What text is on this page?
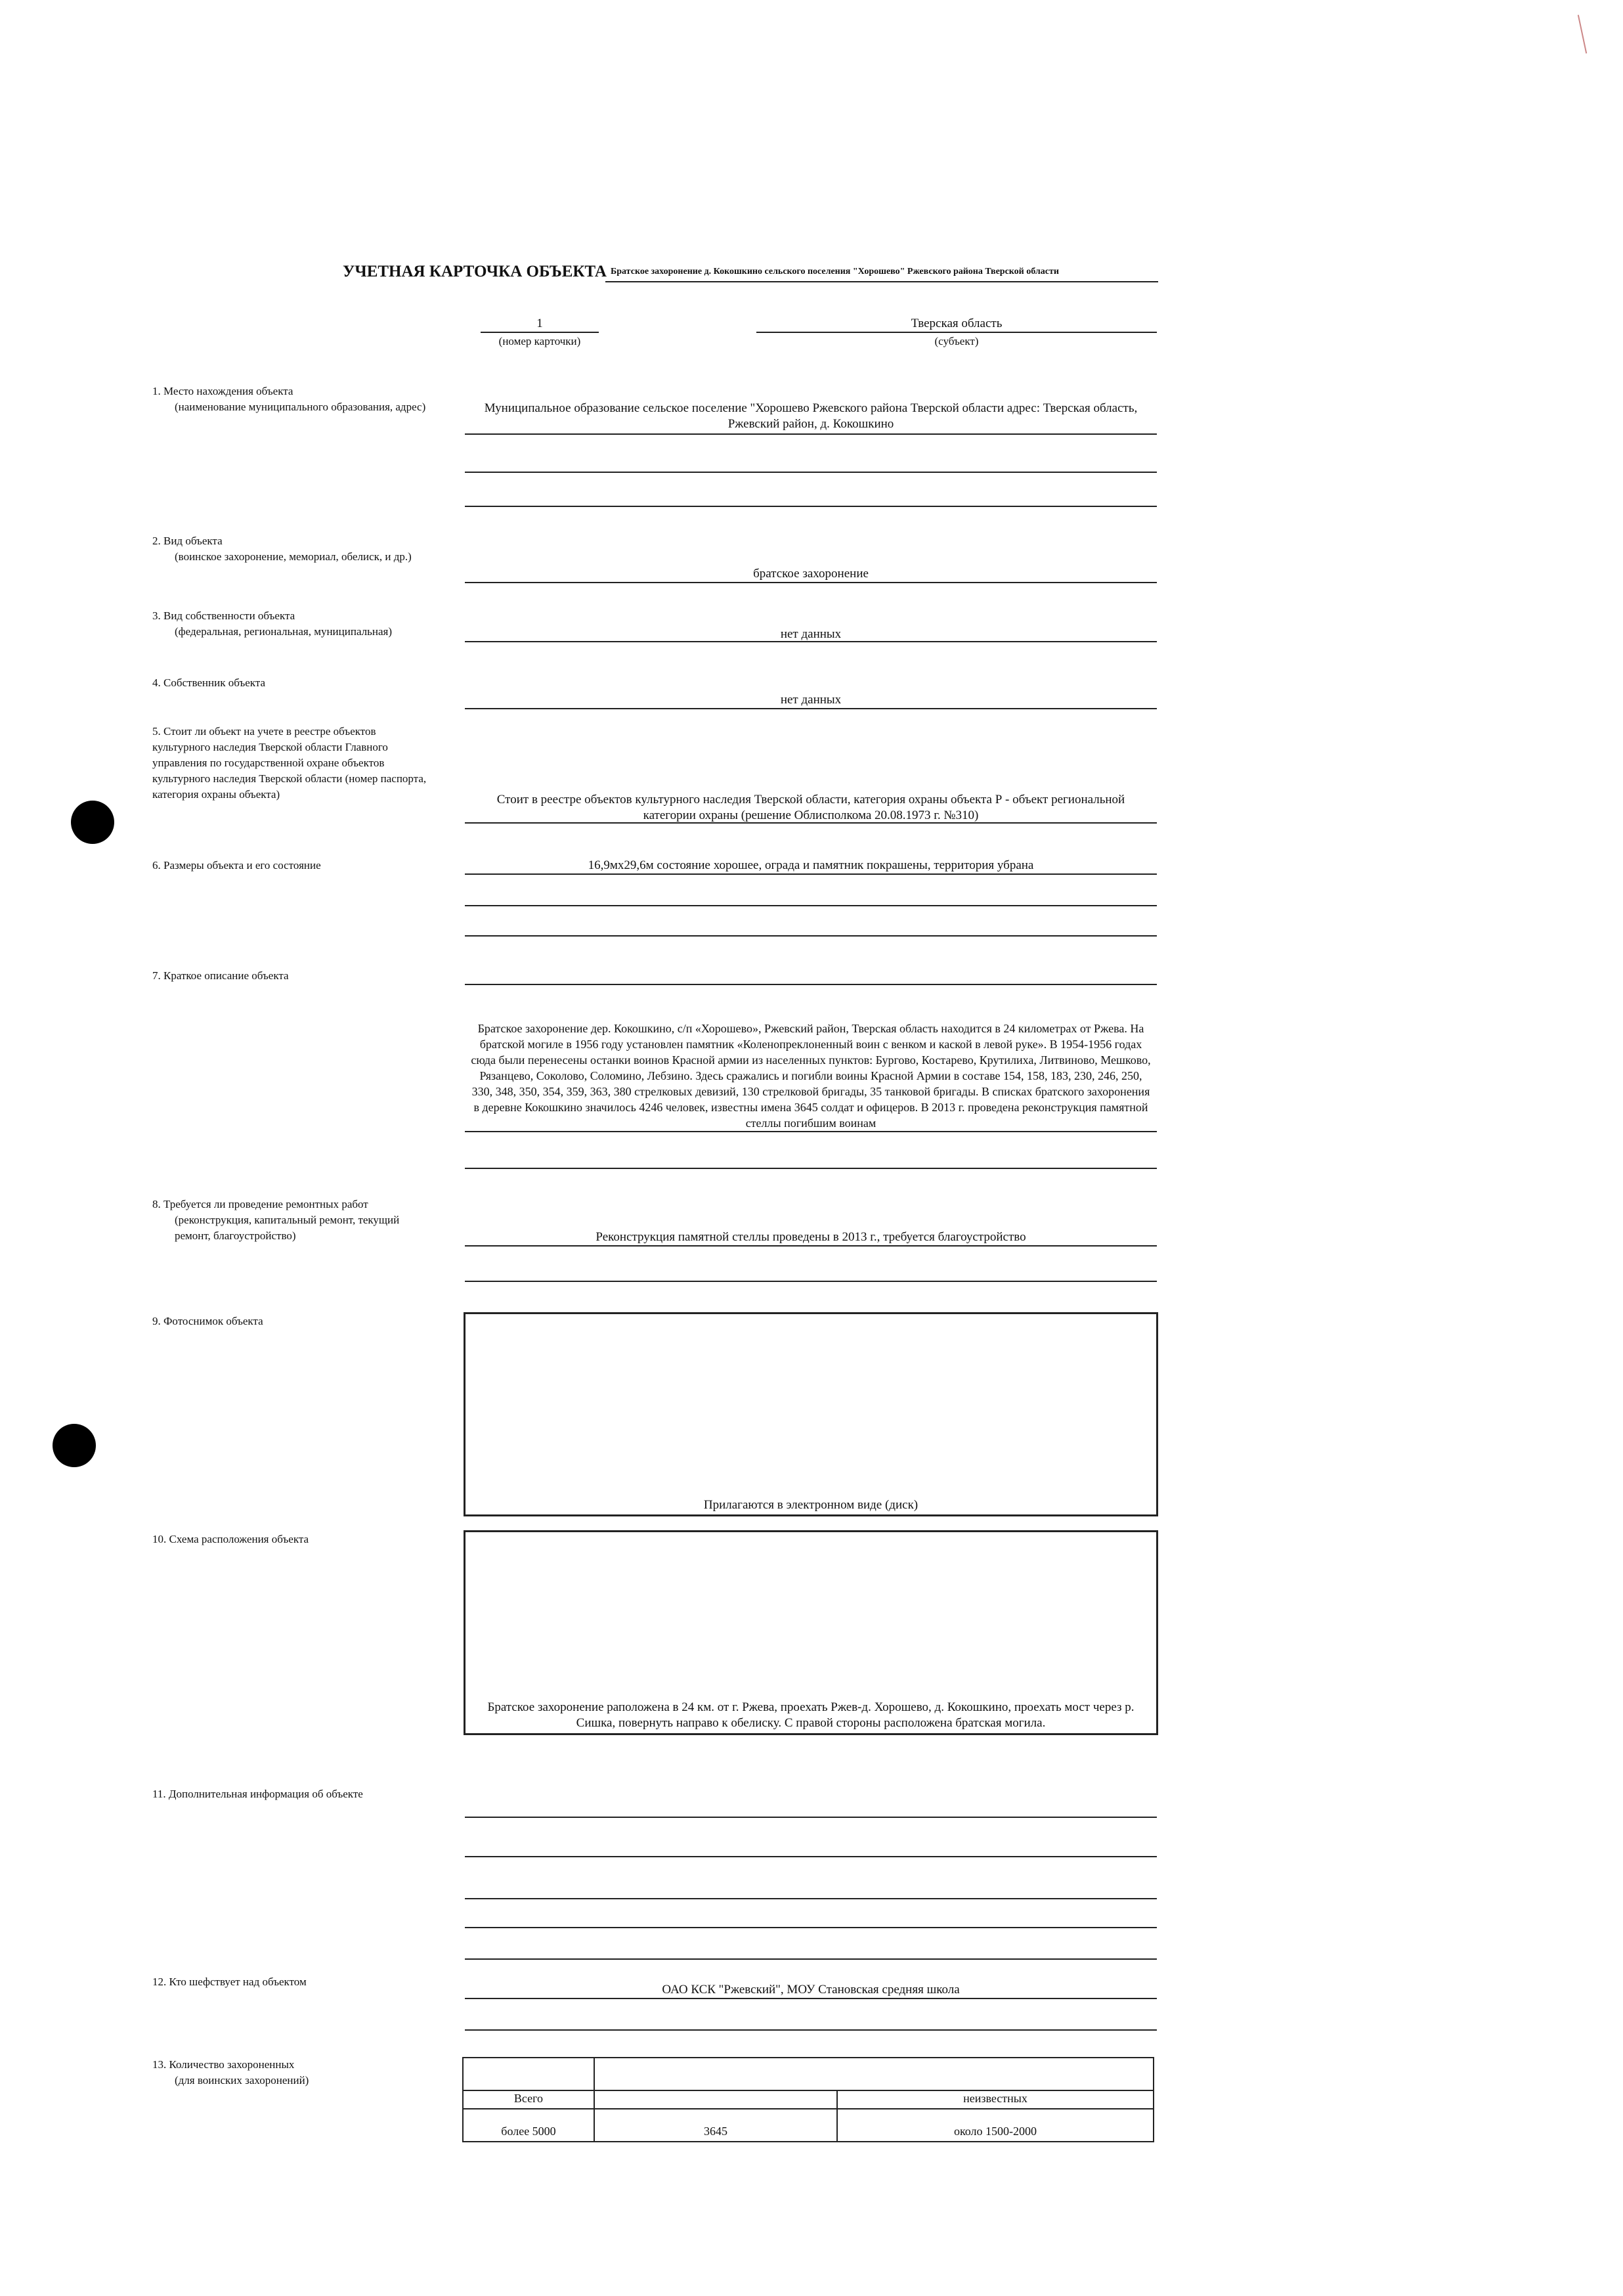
УЧЕТНАЯ КАРТОЧКА ОБЪЕКТА Братское захоронение д. Кокошкино сельского поселения "Хорошево" Ржевского района Тверской области
1
(номер карточки)
Тверская область
(субъект)
1. Место нахождения объекта
(наименование муниципального образования, адрес)	Муниципальное образование сельское поселение "Хорошево Ржевского района Тверской области адрес: Тверская область, Ржевский район, д. Кокошкино
2. Вид объекта
(воинское захоронение, мемориал, обелиск, и др.)
братское захоронение
3. Вид собственности объекта
(федеральная, региональная, муниципальная)	нет данных
4. Собственник объекта
нет данных
5. Стоит ли объект на учете в реестре объектов культурного наследия Тверской области Главного управления по государственной охране объектов культурного наследия Тверской области (номер паспорта, категория охраны объекта)	Стоит в реестре объектов культурного наследия Тверской области, категория охраны объекта Р - объект региональной категории охраны (решение Облисполкома 20.08.1973 г. №310)
6. Размеры объекта и его состояние	16,9мх29,6м состояние хорошее, ограда и памятник покрашены, территория убрана
7. Краткое описание объекта
Братское захоронение дер. Кокошкино, с/п «Хорошево», Ржевский район, Тверская область находится в 24 километрах от Ржева. На братской могиле в 1956 году установлен памятник «Коленопреклоненный воин с венком и каской в левой руке». В 1954-1956 годах сюда были перенесены останки воинов Красной армии из населенных пунктов: Бургово, Костарево, Крутилиха, Литвиново, Мешково, Рязанцево, Соколово, Соломино, Лебзино. Здесь сражались и погибли воины Красной Армии в составе 154, 158, 183, 230, 246, 250, 330, 348, 350, 354, 359, 363, 380 стрелковых девизий, 130 стрелковой бригады, 35 танковой бригады. В списках братского захоронения в деревне Кокошкино значилось 4246 человек, известны имена 3645 солдат и офицеров. В 2013 г. проведена реконструкция памятной стеллы погибшим воинам
8. Требуется ли проведение ремонтных работ
(реконструкция, капитальный ремонт, текущий ремонт, благоустройство)	Реконструкция памятной стеллы проведены в 2013 г., требуется благоустройство
9. Фотоснимок объекта
Прилагаются в электронном виде (диск)
10. Схема расположения объекта
Братское захоронение раположена в 24 км. от г. Ржева, проехать Ржев-д. Хорошево, д. Кокошкино, проехать мост через р. Сишка, повернуть направо к обелиску. С правой стороны расположена братская могила.
11. Дополнительная информация об объекте
12. Кто шефствует над объектом
ОАО КСК "Ржевский", МОУ Становская средняя школа
13. Количество захороненных
(для воинских захоронений)

Всего		неизвестных
более 5000	3645	около 1500-2000
